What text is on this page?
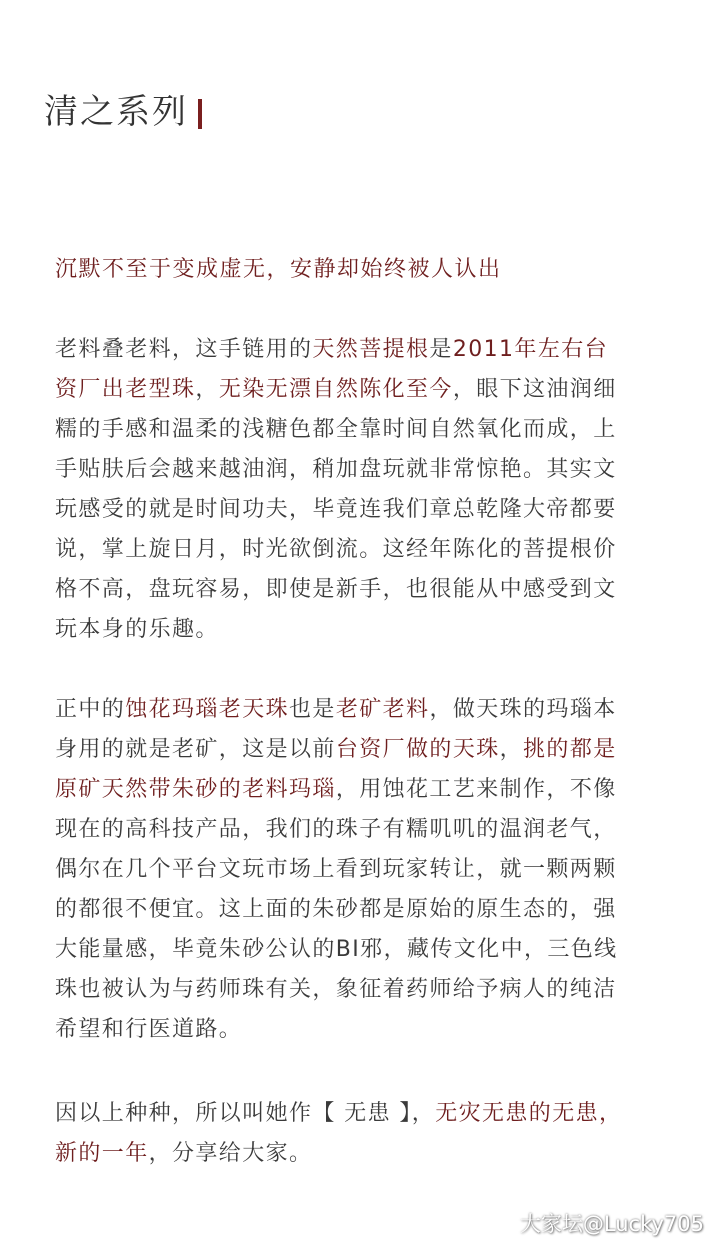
清之系列
沉默不至于变成虚无，安静却始终被人认出
老料叠老料，这手链用的天然菩提根是2011年左右台
资厂出老型珠，无染无漂自然陈化至今，眼下这油润细
糯的手感和温柔的浅糖色都全靠时间自然氧化而成，上
手贴肤后会越来越油润，稍加盘玩就非常惊艳。其实文
玩感受的就是时间功夫，毕竟连我们章总乾隆大帝都要
说，掌上旋日月，时光欲倒流。这经年陈化的菩提根价
格不高，盘玩容易，即使是新手，也很能从中感受到文
玩本身的乐趣。
正中的蚀花玛瑙老天珠也是老矿老料，做天珠的玛瑙本
身用的就是老矿，这是以前台资厂做的天珠，挑的都是
原矿天然带朱砂的老料玛瑙，用蚀花工艺来制作，不像
现在的高科技产品，我们的珠子有糯叽叽的温润老气，
偶尔在几个平台文玩市场上看到玩家转让，就一颗两颗
的都很不便宜。这上面的朱砂都是原始的原生态的，强
大能量感，毕竟朱砂公认的BI邪，藏传文化中，三色线
珠也被认为与药师珠有关，象征着药师给予病人的纯洁
希望和行医道路。
因以上种种，所以叫她作【 无患 】，无灾无患的无患，
新的一年，分享给大家。
大家坛@Lucky705
